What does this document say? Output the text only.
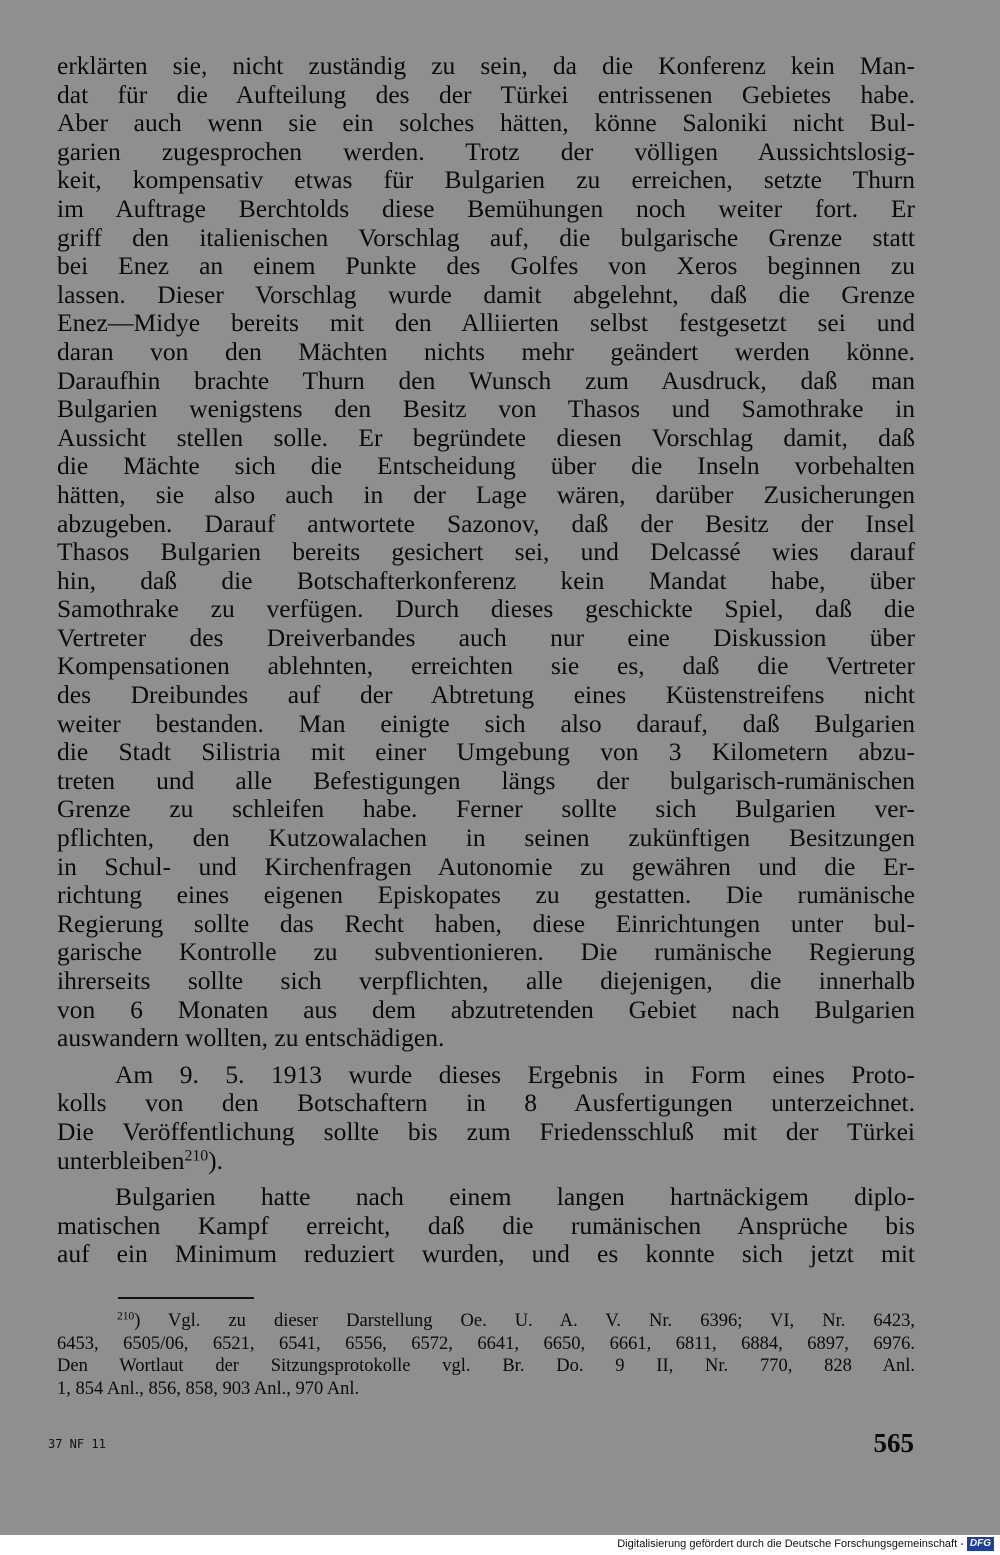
erklärten sie, nicht zuständig zu sein, da die Konferenz kein Man-
dat für die Aufteilung des der Türkei entrissenen Gebietes habe.
Aber auch wenn sie ein solches hätten, könne Saloniki nicht Bul-
garien zugesprochen werden. Trotz der völligen Aussichtslosig-
keit, kompensativ etwas für Bulgarien zu erreichen, setzte Thurn
im Auftrage Berchtolds diese Bemühungen noch weiter fort. Er
griff den italienischen Vorschlag auf, die bulgarische Grenze statt
bei Enez an einem Punkte des Golfes von Xeros beginnen zu
lassen. Dieser Vorschlag wurde damit abgelehnt, daß die Grenze
Enez—Midye bereits mit den Alliierten selbst festgesetzt sei und
daran von den Mächten nichts mehr geändert werden könne.
Daraufhin brachte Thurn den Wunsch zum Ausdruck, daß man
Bulgarien wenigstens den Besitz von Thasos und Samothrake in
Aussicht stellen solle. Er begründete diesen Vorschlag damit, daß
die Mächte sich die Entscheidung über die Inseln vorbehalten
hätten, sie also auch in der Lage wären, darüber Zusicherungen
abzugeben. Darauf antwortete Sazonov, daß der Besitz der Insel
Thasos Bulgarien bereits gesichert sei, und Delcassé wies darauf
hin, daß die Botschafterkonferenz kein Mandat habe, über
Samothrake zu verfügen. Durch dieses geschickte Spiel, daß die
Vertreter des Dreiverbandes auch nur eine Diskussion über
Kompensationen ablehnten, erreichten sie es, daß die Vertreter
des Dreibundes auf der Abtretung eines Küstenstreifens nicht
weiter bestanden. Man einigte sich also darauf, daß Bulgarien
die Stadt Silistria mit einer Umgebung von 3 Kilometern abzu-
treten und alle Befestigungen längs der bulgarisch-rumänischen
Grenze zu schleifen habe. Ferner sollte sich Bulgarien ver-
pflichten, den Kutzowalachen in seinen zukünftigen Besitzungen
in Schul- und Kirchenfragen Autonomie zu gewähren und die Er-
richtung eines eigenen Episkopates zu gestatten. Die rumänische
Regierung sollte das Recht haben, diese Einrichtungen unter bul-
garische Kontrolle zu subventionieren. Die rumänische Regierung
ihrerseits sollte sich verpflichten, alle diejenigen, die innerhalb
von 6 Monaten aus dem abzutretenden Gebiet nach Bulgarien
auswandern wollten, zu entschädigen.
Am 9. 5. 1913 wurde dieses Ergebnis in Form eines Proto-
kolls von den Botschaftern in 8 Ausfertigungen unterzeichnet.
Die Veröffentlichung sollte bis zum Friedensschluß mit der Türkei
unterbleiben$^{210}$).
Bulgarien hatte nach einem langen hartnäckigem diplo-
matischen Kampf erreicht, daß die rumänischen Ansprüche bis
auf ein Minimum reduziert wurden, und es konnte sich jetzt mit
$^{210}$) Vgl. zu dieser Darstellung Oe. U. A. V. Nr. 6396; VI, Nr. 6423,
6453, 6505/06, 6521, 6541, 6556, 6572, 6641, 6650, 6661, 6811, 6884, 6897, 6976.
Den Wortlaut der Sitzungsprotokolle vgl. Br. Do. 9 II, Nr. 770, 828 Anl.
1, 854 Anl., 856, 858, 903 Anl., 970 Anl.
37 NF 11	565
Digitalisierung gefördert durch die Deutsche Forschungsgemeinschaft - DFG
